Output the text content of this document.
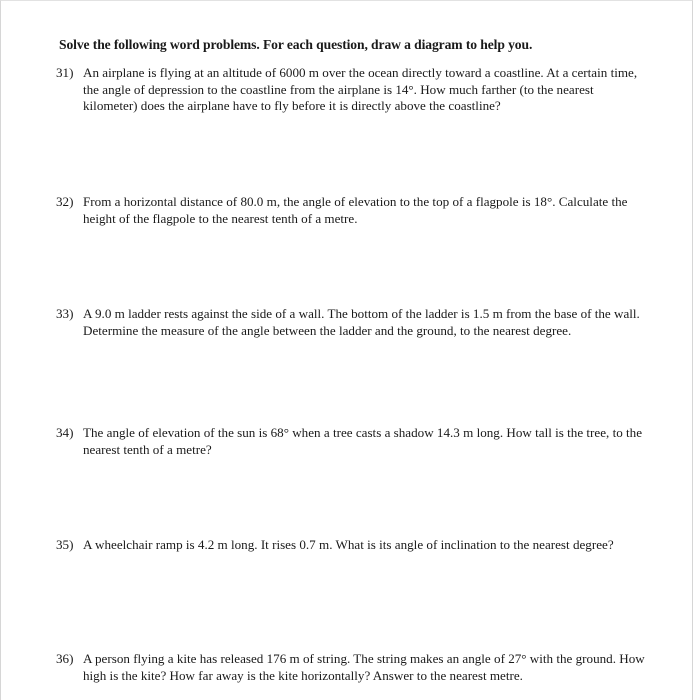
Solve the following word problems. For each question, draw a diagram to help you.
31) An airplane is flying at an altitude of 6000 m over the ocean directly toward a coastline. At a certain time, the angle of depression to the coastline from the airplane is 14°. How much farther (to the nearest kilometer) does the airplane have to fly before it is directly above the coastline?
32) From a horizontal distance of 80.0 m, the angle of elevation to the top of a flagpole is 18°. Calculate the height of the flagpole to the nearest tenth of a metre.
33) A 9.0 m ladder rests against the side of a wall. The bottom of the ladder is 1.5 m from the base of the wall. Determine the measure of the angle between the ladder and the ground, to the nearest degree.
34) The angle of elevation of the sun is 68° when a tree casts a shadow 14.3 m long. How tall is the tree, to the nearest tenth of a metre?
35) A wheelchair ramp is 4.2 m long. It rises 0.7 m. What is its angle of inclination to the nearest degree?
36) A person flying a kite has released 176 m of string. The string makes an angle of 27° with the ground. How high is the kite? How far away is the kite horizontally? Answer to the nearest metre.
